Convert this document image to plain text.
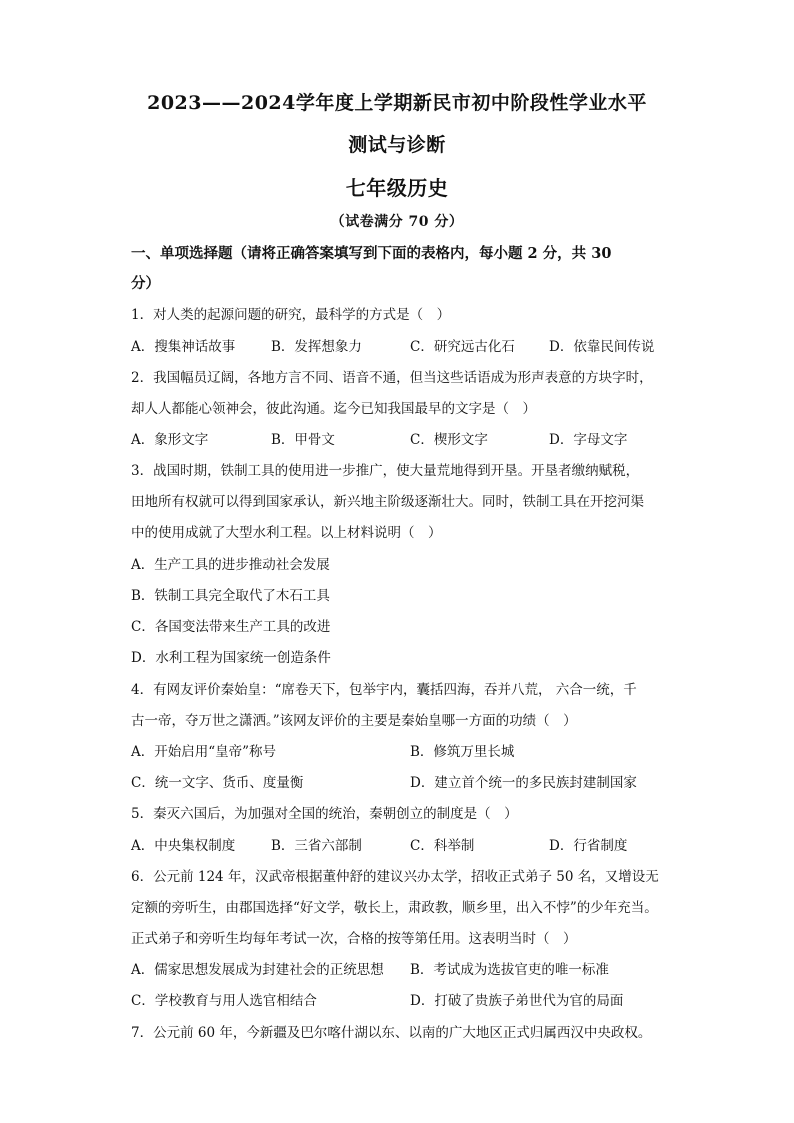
2023——2024学年度上学期新民市初中阶段性学业水平
测试与诊断
七年级历史
（试卷满分 70 分）
一、单项选择题（请将正确答案填写到下面的表格内，每小题 2 分，共 30
分）
1．对人类的起源问题的研究，最科学的方式是（　）
A．搜集神话故事	B．发挥想象力	C．研究远古化石	D．依靠民间传说
2．我国幅员辽阔，各地方言不同、语音不通，但当这些话语成为形声表意的方块字时，
却人人都能心领神会，彼此沟通。迄今已知我国最早的文字是（　）
A．象形文字	B．甲骨文	C．楔形文字	D．字母文字
3．战国时期，铁制工具的使用进一步推广，使大量荒地得到开垦。开垦者缴纳赋税，
田地所有权就可以得到国家承认，新兴地主阶级逐渐壮大。同时，铁制工具在开挖河渠
中的使用成就了大型水利工程。以上材料说明（　）
A．生产工具的进步推动社会发展
B．铁制工具完全取代了木石工具
C．各国变法带来生产工具的改进
D．水利工程为国家统一创造条件
4．有网友评价秦始皇：“席卷天下，包举宇内，囊括四海，吞并八荒， 六合一统，千
古一帝，夺万世之潇洒。”该网友评价的主要是秦始皇哪一方面的功绩（　）
A．开始启用“皇帝”称号	B．修筑万里长城
C．统一文字、货币、度量衡	D．建立首个统一的多民族封建制国家
5．秦灭六国后，为加强对全国的统治，秦朝创立的制度是（　）
A．中央集权制度	B．三省六部制	C．科举制	D．行省制度
6．公元前 124 年，汉武帝根据董仲舒的建议兴办太学，招收正式弟子 50 名，又增设无
定额的旁听生，由郡国选择“好文学，敬长上，肃政教，顺乡里，出入不悖”的少年充当。
正式弟子和旁听生均每年考试一次，合格的按等第任用。这表明当时（　）
A．儒家思想发展成为封建社会的正统思想 B．考试成为选拔官吏的唯一标准
C．学校教育与用人选官相结合	D．打破了贵族子弟世代为官的局面
7．公元前 60 年，今新疆及巴尔喀什湖以东、以南的广大地区正式归属西汉中央政权。
